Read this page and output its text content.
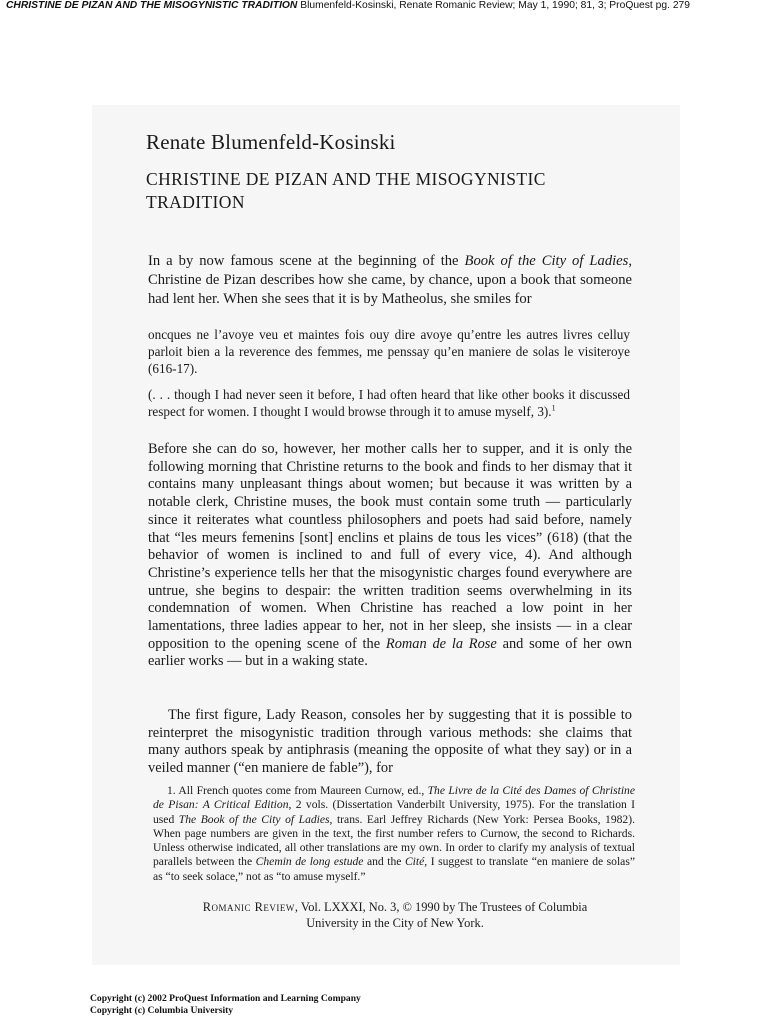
CHRISTINE DE PIZAN AND THE MISOGYNISTIC TRADITION Blumenfeld-Kosinski, Renate Romanic Review; May 1, 1990; 81, 3; ProQuest pg. 279
Renate Blumenfeld-Kosinski
CHRISTINE DE PIZAN AND THE MISOGYNISTIC
TRADITION
In a by now famous scene at the beginning of the Book of the City of Ladies, Christine de Pizan describes how she came, by chance, upon a book that someone had lent her. When she sees that it is by Matheolus, she smiles for
oncques ne l’avoye veu et maintes fois ouy dire avoye qu’entre les autres livres celluy parloit bien a la reverence des femmes, me penssay qu’en maniere de solas le visiteroye (616-17).
(. . . though I had never seen it before, I had often heard that like other books it discussed respect for women. I thought I would browse through it to amuse myself, 3).$^1$
Before she can do so, however, her mother calls her to supper, and it is only the following morning that Christine returns to the book and finds to her dismay that it contains many unpleasant things about women; but because it was written by a notable clerk, Christine muses, the book must contain some truth — particularly since it reiterates what countless philosophers and poets had said before, namely that “les meurs femenins [sont] enclins et plains de tous les vices” (618) (that the behavior of women is inclined to and full of every vice, 4). And although Christine’s experience tells her that the misogynistic charges found everywhere are untrue, she begins to despair: the written tradition seems overwhelming in its condemnation of women. When Christine has reached a low point in her lamentations, three ladies appear to her, not in her sleep, she insists — in a clear opposition to the opening scene of the Roman de la Rose and some of her own earlier works — but in a waking state.
The first figure, Lady Reason, consoles her by suggesting that it is possible to reinterpret the misogynistic tradition through various methods: she claims that many authors speak by antiphrasis (meaning the opposite of what they say) or in a veiled manner (“en maniere de fable”), for
1. All French quotes come from Maureen Curnow, ed., The Livre de la Cité des Dames of Christine de Pisan: A Critical Edition, 2 vols. (Dissertation Vanderbilt University, 1975). For the translation I used The Book of the City of Ladies, trans. Earl Jeffrey Richards (New York: Persea Books, 1982). When page numbers are given in the text, the first number refers to Curnow, the second to Richards. Unless otherwise indicated, all other translations are my own. In order to clarify my analysis of textual parallels between the Chemin de long estude and the Cité, I suggest to translate “en maniere de solas” as “to seek solace,” not as “to amuse myself.”
Romanic Review, Vol. LXXXI, No. 3, © 1990 by The Trustees of Columbia
University in the City of New York.
Copyright (c) 2002 ProQuest Information and Learning Company
Copyright (c) Columbia University
